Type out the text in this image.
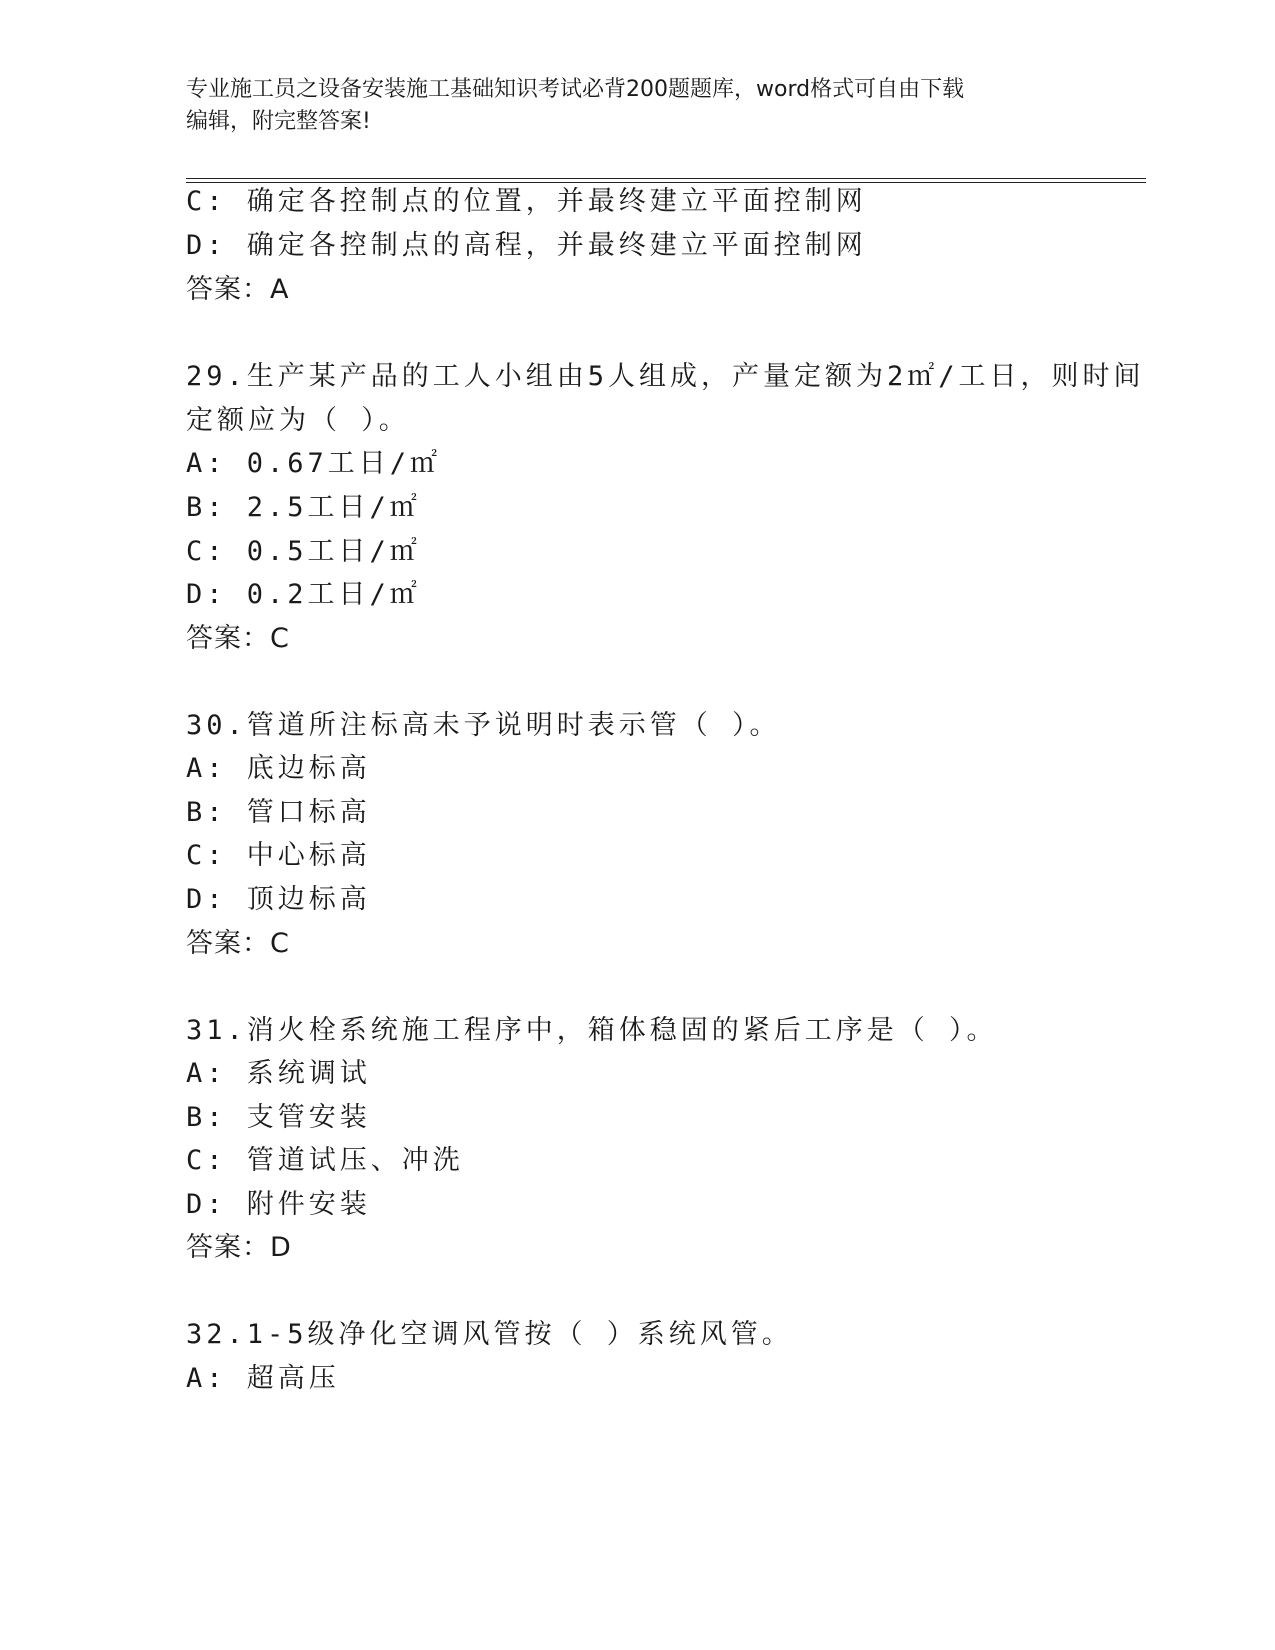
专业施工员之设备安装施工基础知识考试必背200题题库，word格式可自由下载
编辑，附完整答案!
C: 确定各控制点的位置，并最终建立平面控制网
D: 确定各控制点的高程，并最终建立平面控制网
答案：A
29.生产某产品的工人小组由5人组成，产量定额为2㎡/工日，则时间
定额应为（ ）。
A: 0.67工日/㎡
B: 2.5工日/㎡
C: 0.5工日/㎡
D: 0.2工日/㎡
答案：C
30.管道所注标高未予说明时表示管（ ）。
A: 底边标高
B: 管口标高
C: 中心标高
D: 顶边标高
答案：C
31.消火栓系统施工程序中，箱体稳固的紧后工序是（ ）。
A: 系统调试
B: 支管安装
C: 管道试压、冲洗
D: 附件安装
答案：D
32.1-5级净化空调风管按（ ）系统风管。
A: 超高压
